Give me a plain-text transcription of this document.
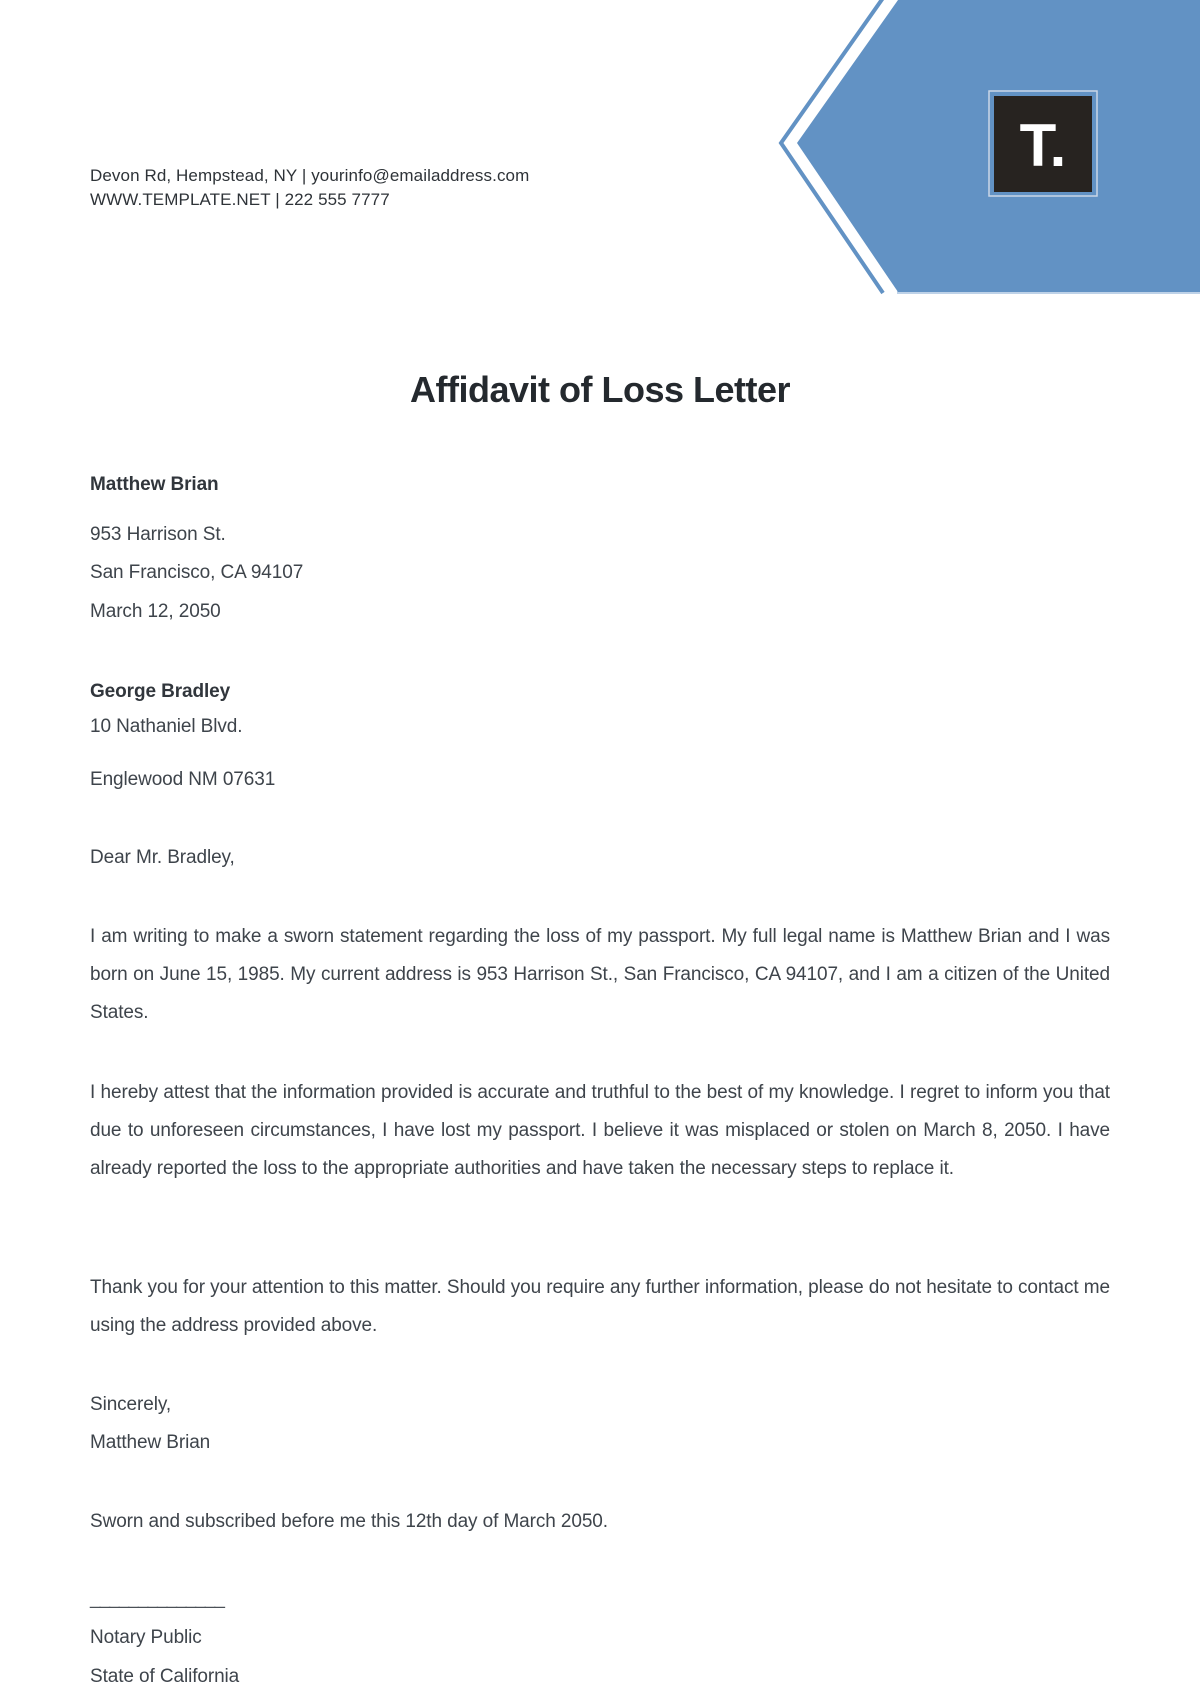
Devon Rd, Hempstead, NY | yourinfo@emailaddress.com
WWW.TEMPLATE.NET | 222 555 7777
T.
Affidavit of Loss Letter
Matthew Brian
953 Harrison St.
San Francisco, CA 94107
March 12, 2050
George Bradley
10 Nathaniel Blvd.
Englewood NM 07631
Dear Mr. Bradley,
I am writing to make a sworn statement regarding the loss of my passport. My full legal name is Matthew Brian and I was born on June 15, 1985. My current address is 953 Harrison St., San Francisco, CA 94107, and I am a citizen of the United States.
I hereby attest that the information provided is accurate and truthful to the best of my knowledge. I regret to inform you that due to unforeseen circumstances, I have lost my passport. I believe it was misplaced or stolen on March 8, 2050. I have already reported the loss to the appropriate authorities and have taken the necessary steps to replace it.
Thank you for your attention to this matter. Should you require any further information, please do not hesitate to contact me using the address provided above.
Sincerely,
Matthew Brian
Sworn and subscribed before me this 12th day of March 2050.
______________
Notary Public
State of California
